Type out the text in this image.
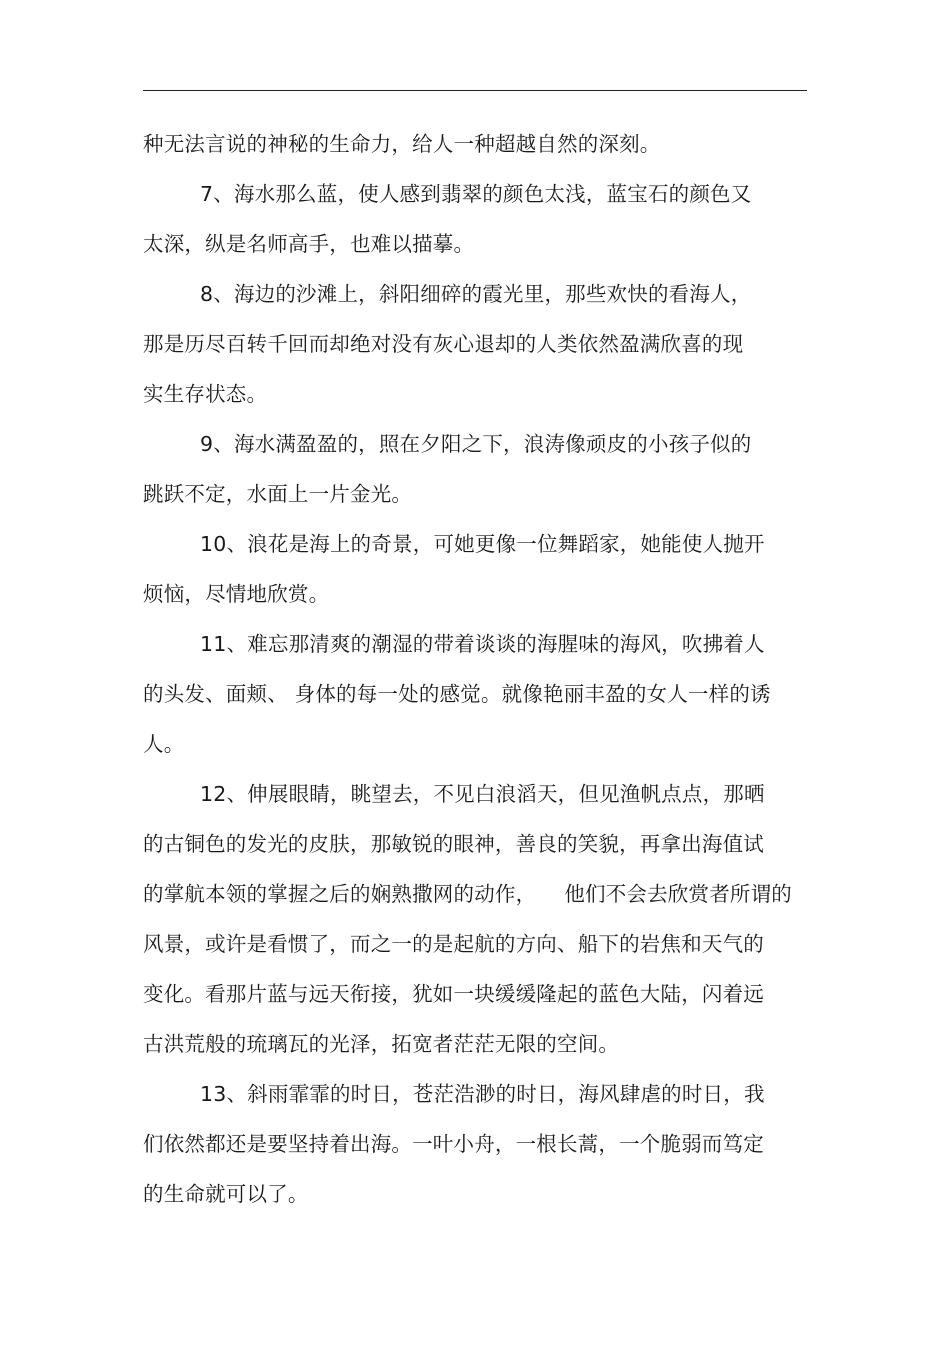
种无法言说的神秘的生命力，给人一种超越自然的深刻。
7、海水那么蓝，使人感到翡翠的颜色太浅，蓝宝石的颜色又
太深，纵是名师高手，也难以描摹。
8、海边的沙滩上，斜阳细碎的霞光里，那些欢快的看海人，
那是历尽百转千回而却绝对没有灰心退却的人类依然盈满欣喜的现
实生存状态。
9、海水满盈盈的，照在夕阳之下，浪涛像顽皮的小孩子似的
跳跃不定，水面上一片金光。
10、浪花是海上的奇景，可她更像一位舞蹈家，她能使人抛开
烦恼，尽情地欣赏。
11、难忘那清爽的潮湿的带着谈谈的海腥味的海风，吹拂着人
的头发、面颊、 身体的每一处的感觉。就像艳丽丰盈的女人一样的诱
人。
12、伸展眼睛，眺望去，不见白浪滔天，但见渔帆点点，那晒
的古铜色的发光的皮肤，那敏锐的眼神，善良的笑貌，再拿出海值试
的掌航本领的掌握之后的娴熟撒网的动作， 他们不会去欣赏者所谓的
风景，或许是看惯了，而之一的是起航的方向、船下的岩焦和天气的
变化。看那片蓝与远天衔接，犹如一块缓缓隆起的蓝色大陆，闪着远
古洪荒般的琉璃瓦的光泽，拓宽者茫茫无限的空间。
13、斜雨霏霏的时日，苍茫浩渺的时日，海风肆虐的时日，我
们依然都还是要坚持着出海。一叶小舟，一根长蒿，一个脆弱而笃定
的生命就可以了。
